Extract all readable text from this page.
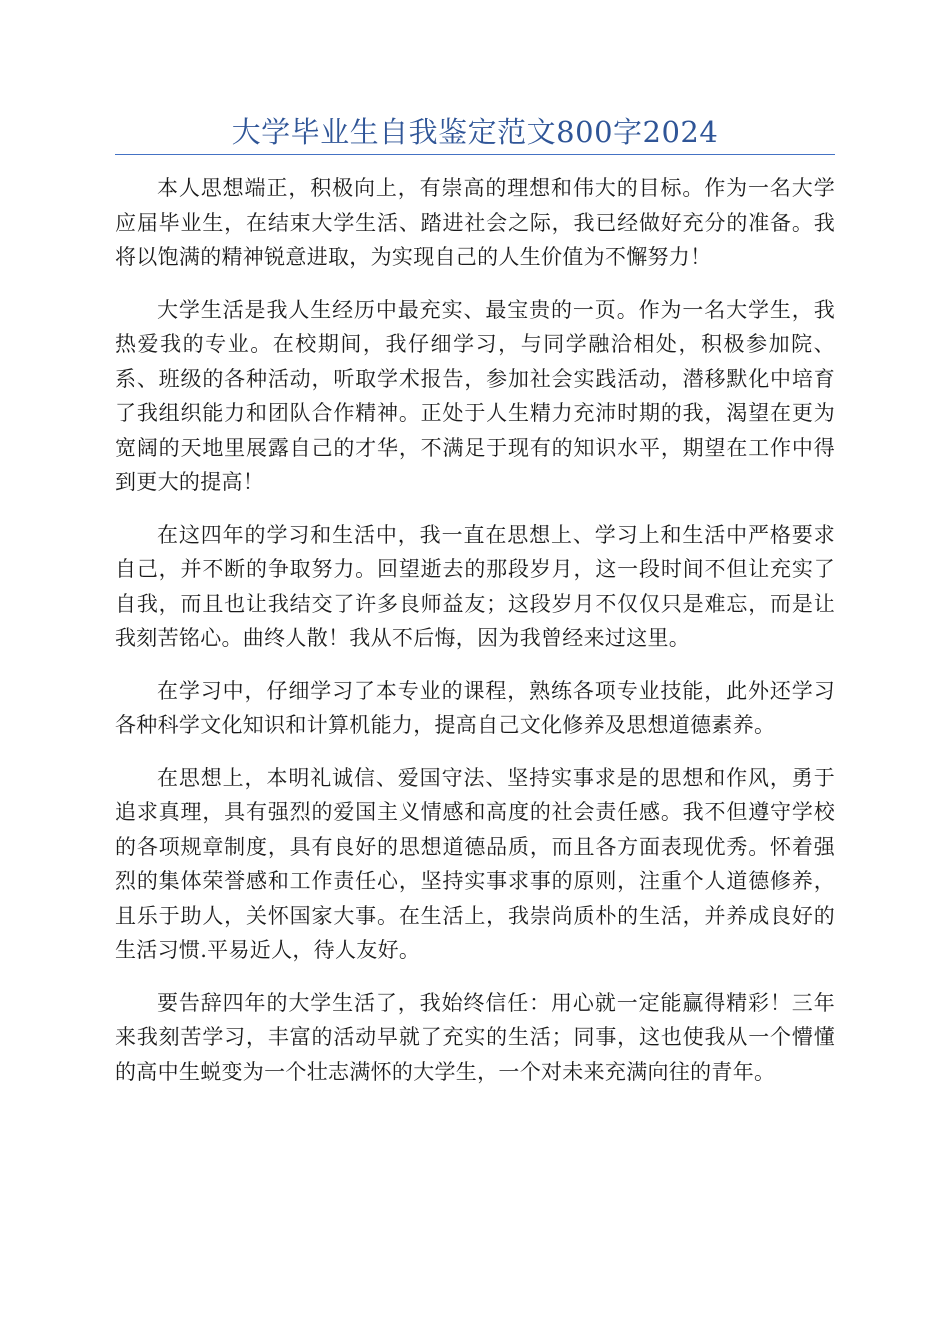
大学毕业生自我鉴定范文800字2024

本人思想端正，积极向上，有崇高的理想和伟大的目标。作为一名大学应届毕业生，在结束大学生活、踏进社会之际，我已经做好充分的准备。我将以饱满的精神锐意进取，为实现自己的人生价值为不懈努力！

大学生活是我人生经历中最充实、最宝贵的一页。作为一名大学生，我热爱我的专业。在校期间，我仔细学习，与同学融洽相处，积极参加院、系、班级的各种活动，听取学术报告，参加社会实践活动，潜移默化中培育了我组织能力和团队合作精神。正处于人生精力充沛时期的我，渴望在更为宽阔的天地里展露自己的才华，不满足于现有的知识水平，期望在工作中得到更大的提高！

在这四年的学习和生活中，我一直在思想上、学习上和生活中严格要求自己，并不断的争取努力。回望逝去的那段岁月，这一段时间不但让充实了自我，而且也让我结交了许多良师益友；这段岁月不仅仅只是难忘，而是让我刻苦铭心。曲终人散！我从不后悔，因为我曾经来过这里。

在学习中，仔细学习了本专业的课程，熟练各项专业技能，此外还学习各种科学文化知识和计算机能力，提高自己文化修养及思想道德素养。

在思想上，本明礼诚信、爱国守法、坚持实事求是的思想和作风，勇于追求真理，具有强烈的爱国主义情感和高度的社会责任感。我不但遵守学校的各项规章制度，具有良好的思想道德品质，而且各方面表现优秀。怀着强烈的集体荣誉感和工作责任心，坚持实事求事的原则，注重个人道德修养，且乐于助人，关怀国家大事。在生活上，我崇尚质朴的生活，并养成良好的生活习惯.平易近人，待人友好。

要告辞四年的大学生活了，我始终信任：用心就一定能赢得精彩！三年来我刻苦学习，丰富的活动早就了充实的生活；同事，这也使我从一个懵懂的高中生蜕变为一个壮志满怀的大学生，一个对未来充满向往的青年。
